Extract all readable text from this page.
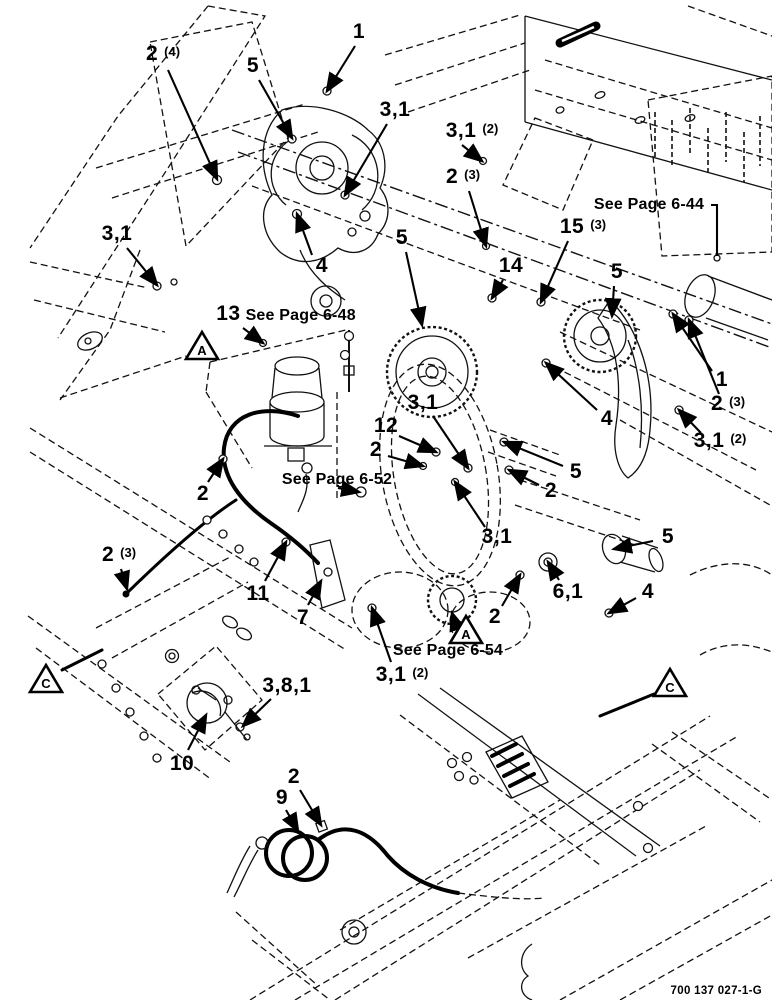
A
A
C	C
2 (4)
5
1
3,1
3,1 (2)
2 (3)
See Page 6-44
15 (3)
14	5
5
4
3,1
13 See Page 6-48
1
2 (3)
3,1 (2)
4
3,1
12
2
See Page 6-52	5
2
3,1
2
2 (3)
11
7
5
6,1	4
2
See Page 6-54
3,1 (2)
3,8,1
10
2
9
700 137 027-1-G
